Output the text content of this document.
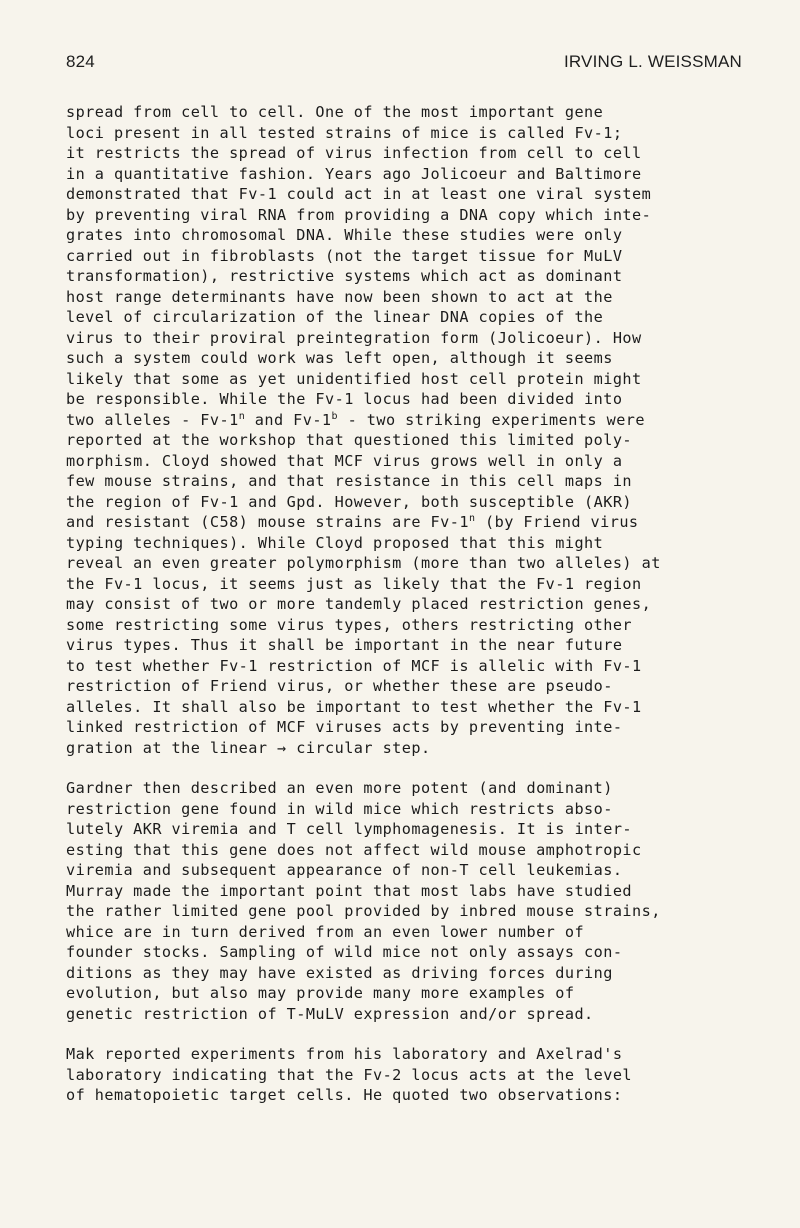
824	IRVING L. WEISSMAN
spread from cell to cell. One of the most important gene
loci present in all tested strains of mice is called Fv-1;
it restricts the spread of virus infection from cell to cell
in a quantitative fashion. Years ago Jolicoeur and Baltimore
demonstrated that Fv-1 could act in at least one viral system
by preventing viral RNA from providing a DNA copy which inte-
grates into chromosomal DNA. While these studies were only
carried out in fibroblasts (not the target tissue for MuLV
transformation), restrictive systems which act as dominant
host range determinants have now been shown to act at the
level of circularization of the linear DNA copies of the
virus to their proviral preintegration form (Jolicoeur). How
such a system could work was left open, although it seems
likely that some as yet unidentified host cell protein might
be responsible. While the Fv-1 locus had been divided into
two alleles - Fv-1$^n$ and Fv-1$^b$ - two striking experiments were
reported at the workshop that questioned this limited poly-
morphism. Cloyd showed that MCF virus grows well in only a
few mouse strains, and that resistance in this cell maps in
the region of Fv-1 and Gpd. However, both susceptible (AKR)
and resistant (C58) mouse strains are Fv-1$^n$ (by Friend virus
typing techniques). While Cloyd proposed that this might
reveal an even greater polymorphism (more than two alleles) at
the Fv-1 locus, it seems just as likely that the Fv-1 region
may consist of two or more tandemly placed restriction genes,
some restricting some virus types, others restricting other
virus types. Thus it shall be important in the near future
to test whether Fv-1 restriction of MCF is allelic with Fv-1
restriction of Friend virus, or whether these are pseudo-
alleles. It shall also be important to test whether the Fv-1
linked restriction of MCF viruses acts by preventing inte-
gration at the linear → circular step.
Gardner then described an even more potent (and dominant)
restriction gene found in wild mice which restricts abso-
lutely AKR viremia and T cell lymphomagenesis. It is inter-
esting that this gene does not affect wild mouse amphotropic
viremia and subsequent appearance of non-T cell leukemias.
Murray made the important point that most labs have studied
the rather limited gene pool provided by inbred mouse strains,
whice are in turn derived from an even lower number of
founder stocks. Sampling of wild mice not only assays con-
ditions as they may have existed as driving forces during
evolution, but also may provide many more examples of
genetic restriction of T-MuLV expression and/or spread.
Mak reported experiments from his laboratory and Axelrad's
laboratory indicating that the Fv-2 locus acts at the level
of hematopoietic target cells. He quoted two observations:
